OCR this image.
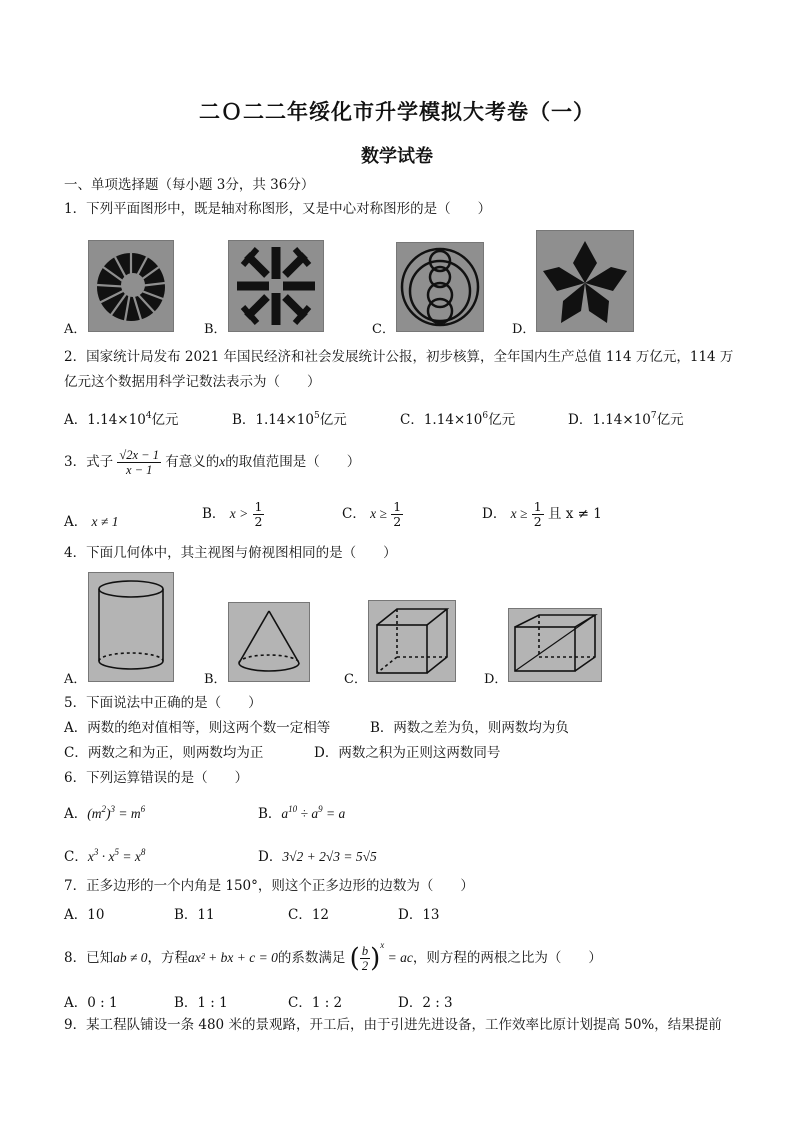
二Ｏ二二年绥化市升学模拟大考卷（一）
数学试卷
一、单项选择题（每小题 3分，共 36分）
1．下列平面图形中，既是轴对称图形，又是中心对称图形的是（　　）
A．	B．	C．	D．
2．国家统计局发布 2021 年国民经济和社会发展统计公报，初步核算，全年国内生产总值 114 万亿元，114 万
亿元这个数据用科学记数法表示为（　　）
A．$1.14\times 10^4$亿元	B．$1.14\times 10^5$亿元	C．$1.14\times 10^6$亿元	D．$1.14\times 10^7$亿元
3．式子 $\frac{√2x - 1}{x - 1}$ 有意义的x的取值范围是（　　）
A． x ≠ 1	B． $x > \frac{1}{2}$	C． $x \ge \frac{1}{2}$	D． $x \ge \frac{1}{2}$ 且 x ≠ 1
4．下面几何体中，其主视图与俯视图相同的是（　　）
A．	B．	C．	D．
5．下面说法中正确的是（　　）
A．两数的绝对值相等，则这两个数一定相等	B．两数之差为负，则两数均为负
C．两数之和为正，则两数均为正	D．两数之积为正则这两数同号
6．下列运算错误的是（　　）
A．$(m^2)^3 = m^6$	B．$a^{10} \div a^9 = a$
C．$x^3 \cdot x^5 = x^8$	D．3√2 + 2√3 = 5√5
7．正多边形的一个内角是 150°，则这个正多边形的边数为（　　）
A．10	B．11	C．12	D．13
8．已知ab ≠ 0，方程ax² + bx + c = 0的系数满足 ( $\frac{b}{2} )^x$ = ac，则方程的两根之比为（　　）
A．0 : 1	B．1 : 1	C．1 : 2	D．2 : 3
9．某工程队铺设一条 480 米的景观路，开工后，由于引进先进设备，工作效率比原计划提高 50%，结果提前
